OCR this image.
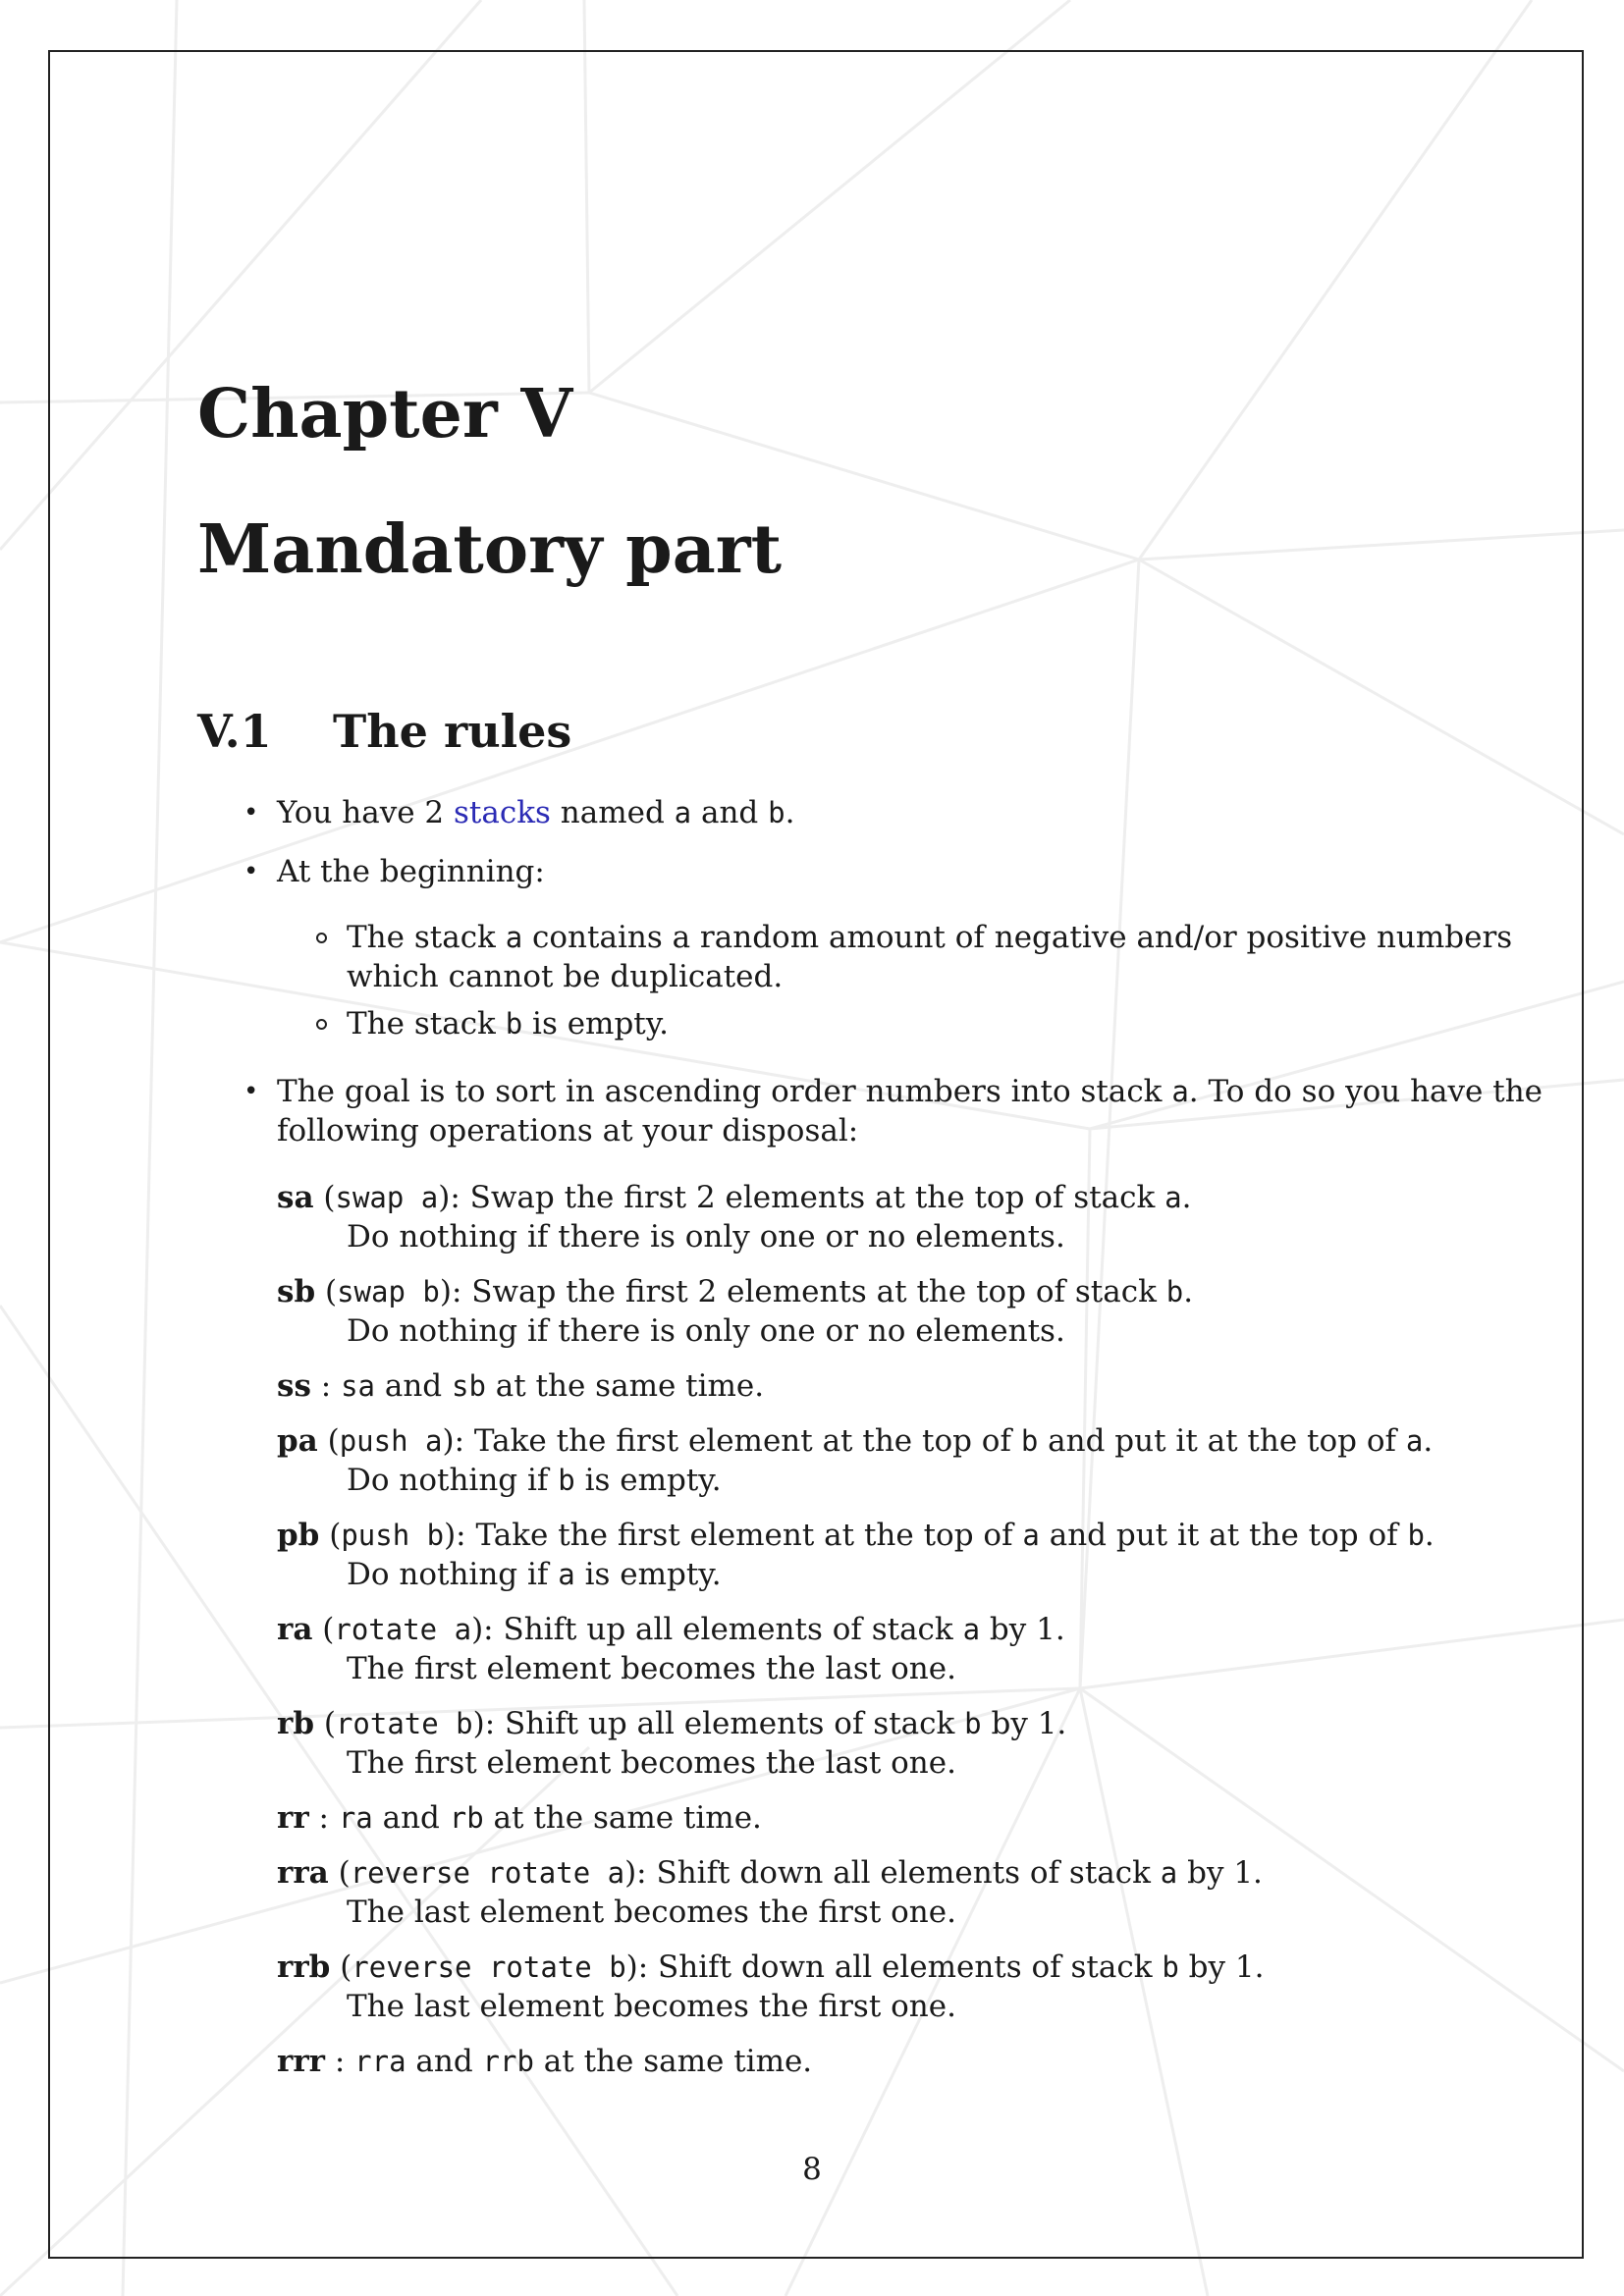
Chapter V
Mandatory part
V.1 The rules
• You have 2 stacks named a and b.
• At the beginning:
The stack a contains a random amount of negative and/or positive numbers
which cannot be duplicated.
The stack b is empty.
• The goal is to sort in ascending order numbers into stack a. To do so you have the
following operations at your disposal:
sa (swap a): Swap the first 2 elements at the top of stack a.
Do nothing if there is only one or no elements.
sb (swap b): Swap the first 2 elements at the top of stack b.
Do nothing if there is only one or no elements.
ss : sa and sb at the same time.
pa (push a): Take the first element at the top of b and put it at the top of a.
Do nothing if b is empty.
pb (push b): Take the first element at the top of a and put it at the top of b.
Do nothing if a is empty.
ra (rotate a): Shift up all elements of stack a by 1.
The first element becomes the last one.
rb (rotate b): Shift up all elements of stack b by 1.
The first element becomes the last one.
rr : ra and rb at the same time.
rra (reverse rotate a): Shift down all elements of stack a by 1.
The last element becomes the first one.
rrb (reverse rotate b): Shift down all elements of stack b by 1.
The last element becomes the first one.
rrr : rra and rrb at the same time.
8
